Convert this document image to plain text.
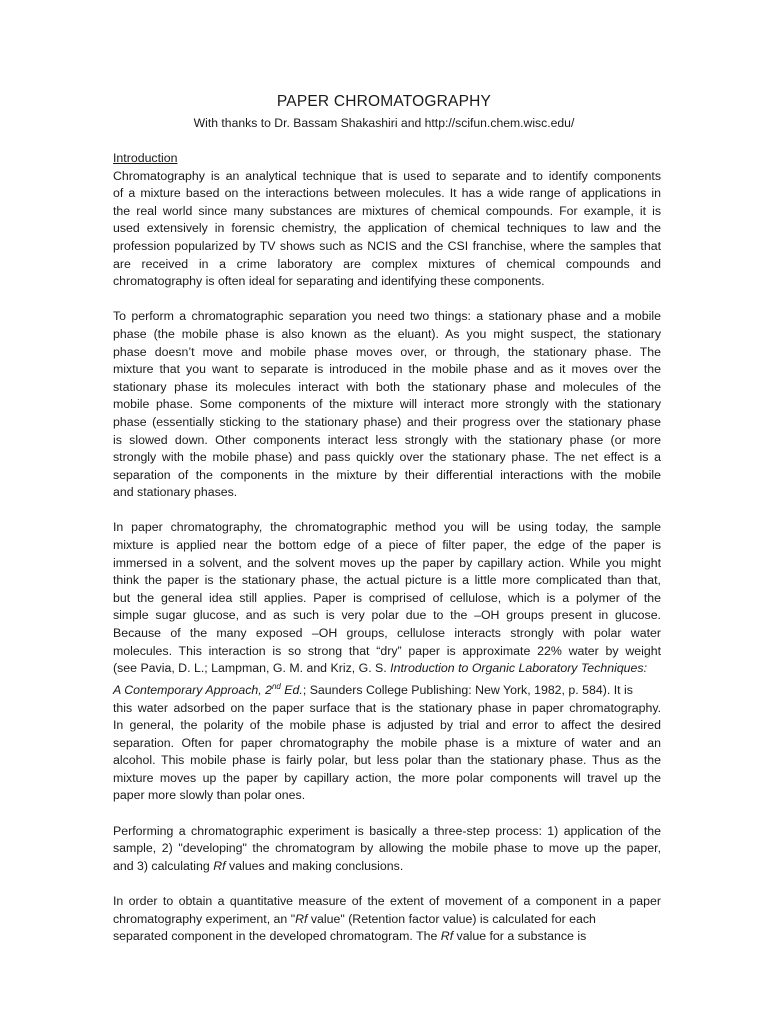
PAPER CHROMATOGRAPHY
With thanks to Dr. Bassam Shakashiri and http://scifun.chem.wisc.edu/

Introduction

Chromatography is an analytical technique that is used to separate and to identify components
of a mixture based on the interactions between molecules. It has a wide range of applications in
the real world since many substances are mixtures of chemical compounds. For example, it is
used extensively in forensic chemistry, the application of chemical techniques to law and the
profession popularized by TV shows such as NCIS and the CSI franchise, where the samples that
are received in a crime laboratory are complex mixtures of chemical compounds and
chromatography is often ideal for separating and identifying these components.

To perform a chromatographic separation you need two things: a stationary phase and a mobile
phase (the mobile phase is also known as the eluant). As you might suspect, the stationary
phase doesn’t move and mobile phase moves over, or through, the stationary phase. The
mixture that you want to separate is introduced in the mobile phase and as it moves over the
stationary phase its molecules interact with both the stationary phase and molecules of the
mobile phase. Some components of the mixture will interact more strongly with the stationary
phase (essentially sticking to the stationary phase) and their progress over the stationary phase
is slowed down. Other components interact less strongly with the stationary phase (or more
strongly with the mobile phase) and pass quickly over the stationary phase. The net effect is a
separation of the components in the mixture by their differential interactions with the mobile
and stationary phases.

In paper chromatography, the chromatographic method you will be using today, the sample
mixture is applied near the bottom edge of a piece of filter paper, the edge of the paper is
immersed in a solvent, and the solvent moves up the paper by capillary action. While you might
think the paper is the stationary phase, the actual picture is a little more complicated than that,
but the general idea still applies. Paper is comprised of cellulose, which is a polymer of the
simple sugar glucose, and as such is very polar due to the –OH groups present in glucose.
Because of the many exposed –OH groups, cellulose interacts strongly with polar water
molecules. This interaction is so strong that “dry” paper is approximate 22% water by weight
(see Pavia, D. L.; Lampman, G. M. and Kriz, G. S. Introduction to Organic Laboratory Techniques:
A Contemporary Approach, 2nd Ed.; Saunders College Publishing: New York, 1982, p. 584). It is
this water adsorbed on the paper surface that is the stationary phase in paper chromatography.
In general, the polarity of the mobile phase is adjusted by trial and error to affect the desired
separation. Often for paper chromatography the mobile phase is a mixture of water and an
alcohol. This mobile phase is fairly polar, but less polar than the stationary phase. Thus as the
mixture moves up the paper by capillary action, the more polar components will travel up the
paper more slowly than polar ones.

Performing a chromatographic experiment is basically a three-step process: 1) application of the
sample, 2) "developing" the chromatogram by allowing the mobile phase to move up the paper,
and 3) calculating Rf values and making conclusions.

In order to obtain a quantitative measure of the extent of movement of a component in a paper
chromatography experiment, an "Rf value" (Retention factor value) is calculated for each
separated component in the developed chromatogram. The Rf value for a substance is
